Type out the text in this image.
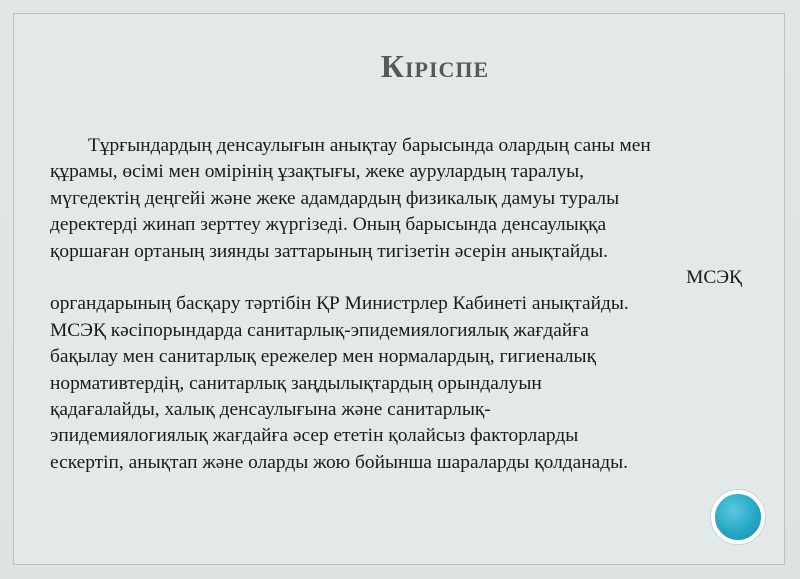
Кіріспе

Тұрғындардың денсаулығын анықтау барысында олардың саны мен

құрамы, өсімі мен омірінің ұзақтығы, жеке аурулардың таралуы,

мүгедектің деңгейі және жеке адамдардың физикалық дамуы туралы

деректерді жинап зерттеу жүргізеді. Оның барысында денсаулыққа

қоршаған ортаның зиянды заттарының тигізетін әсерін анықтайды.

МСЭҚ

органдарының басқару тәртібін ҚР Министрлер Кабинеті анықтайды.

МСЭҚ кәсіпорындарда санитарлық-эпидемиялогиялық жағдайға

бақылау мен санитарлық ережелер мен нормалардың, гигиеналық

нормативтердің, санитарлық заңдылықтардың орындалуын

қадағалайды, халық денсаулығына және санитарлық-

эпидемиялогиялық жағдайға әсер ететін қолайсыз факторларды

ескертіп, анықтап және оларды жою бойынша шараларды қолданады.
